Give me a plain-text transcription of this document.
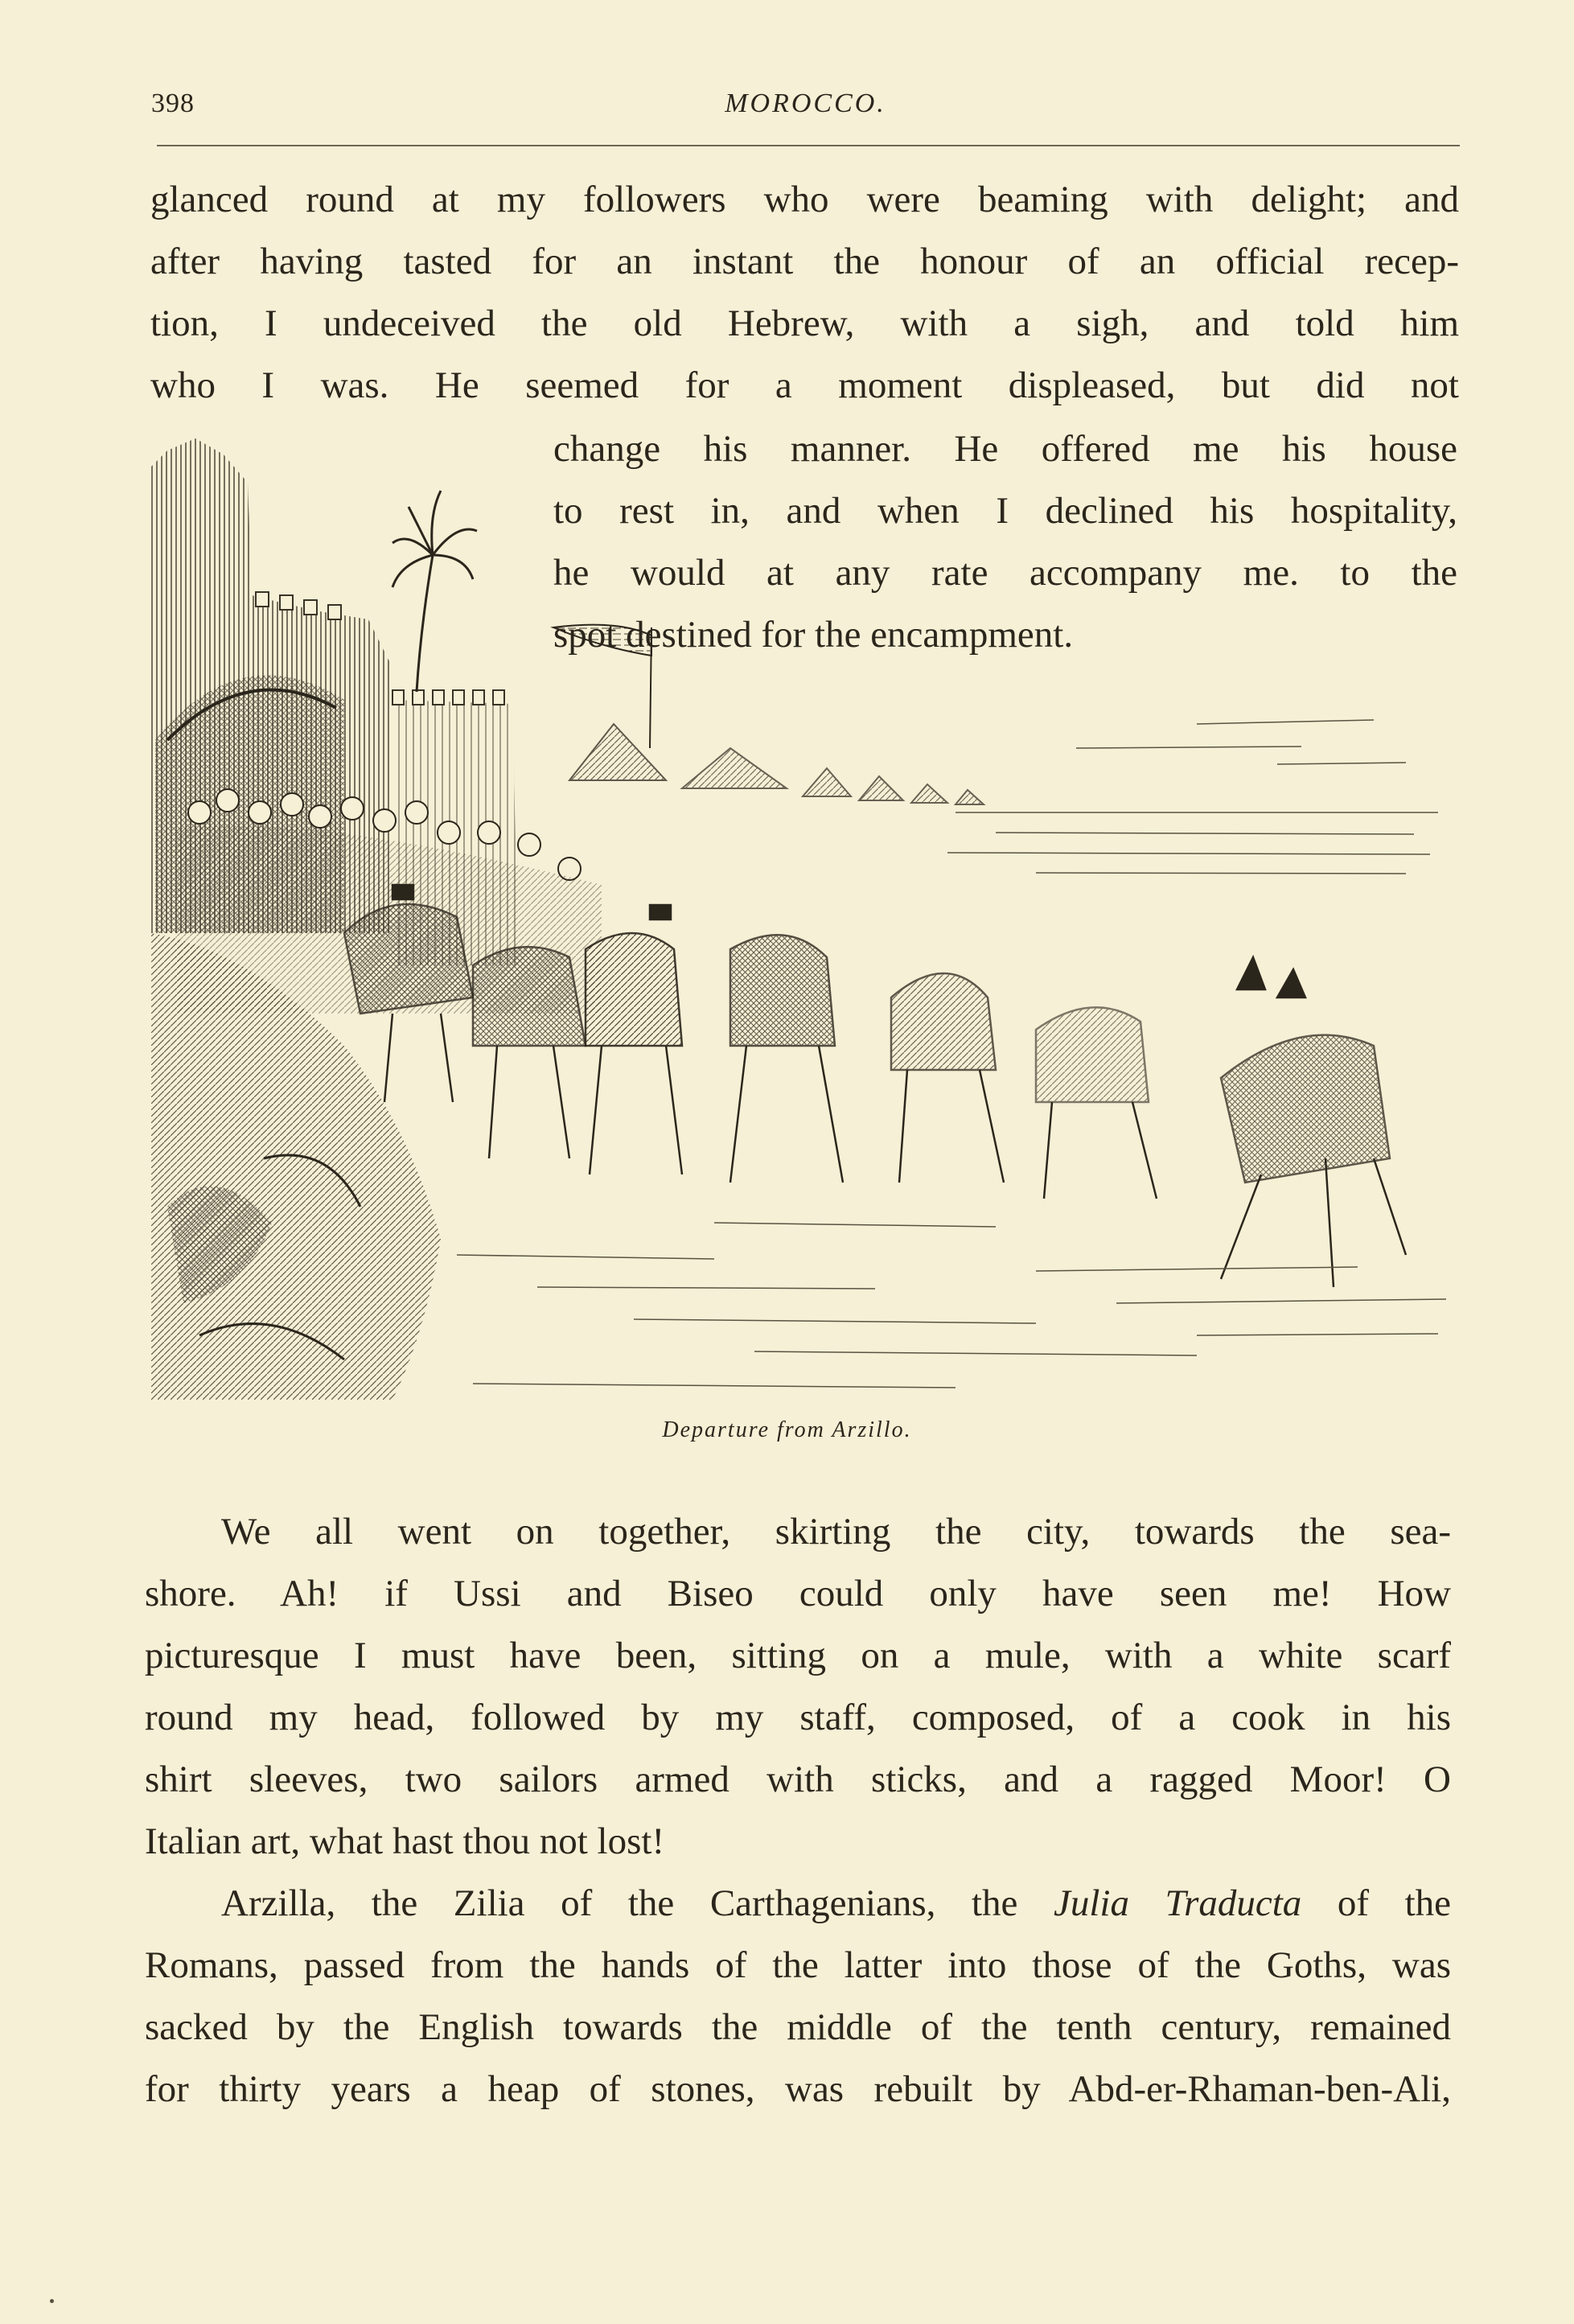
398	MOROCCO.
glanced round at my followers who were beaming with delight; and
after having tasted for an instant the honour of an official recep-
tion, I undeceived the old Hebrew, with a sigh, and told him
who I was. He seemed for a moment displeased, but did not
change his manner. He offered me his house
to rest in, and when I declined his hospitality,
he would at any rate accompany me. to the
spot destined for the encampment.
Departure from Arzillo.
We all went on together, skirting the city, towards the sea-
shore. Ah! if Ussi and Biseo could only have seen me! How
picturesque I must have been, sitting on a mule, with a white scarf
round my head, followed by my staff, composed, of a cook in his
shirt sleeves, two sailors armed with sticks, and a ragged Moor! O
Italian art, what hast thou not lost!
Arzilla, the Zilia of the Carthagenians, the Julia Traducta of the
Romans, passed from the hands of the latter into those of the Goths, was
sacked by the English towards the middle of the tenth century, remained
for thirty years a heap of stones, was rebuilt by Abd-er-Rhaman-ben-Ali,
